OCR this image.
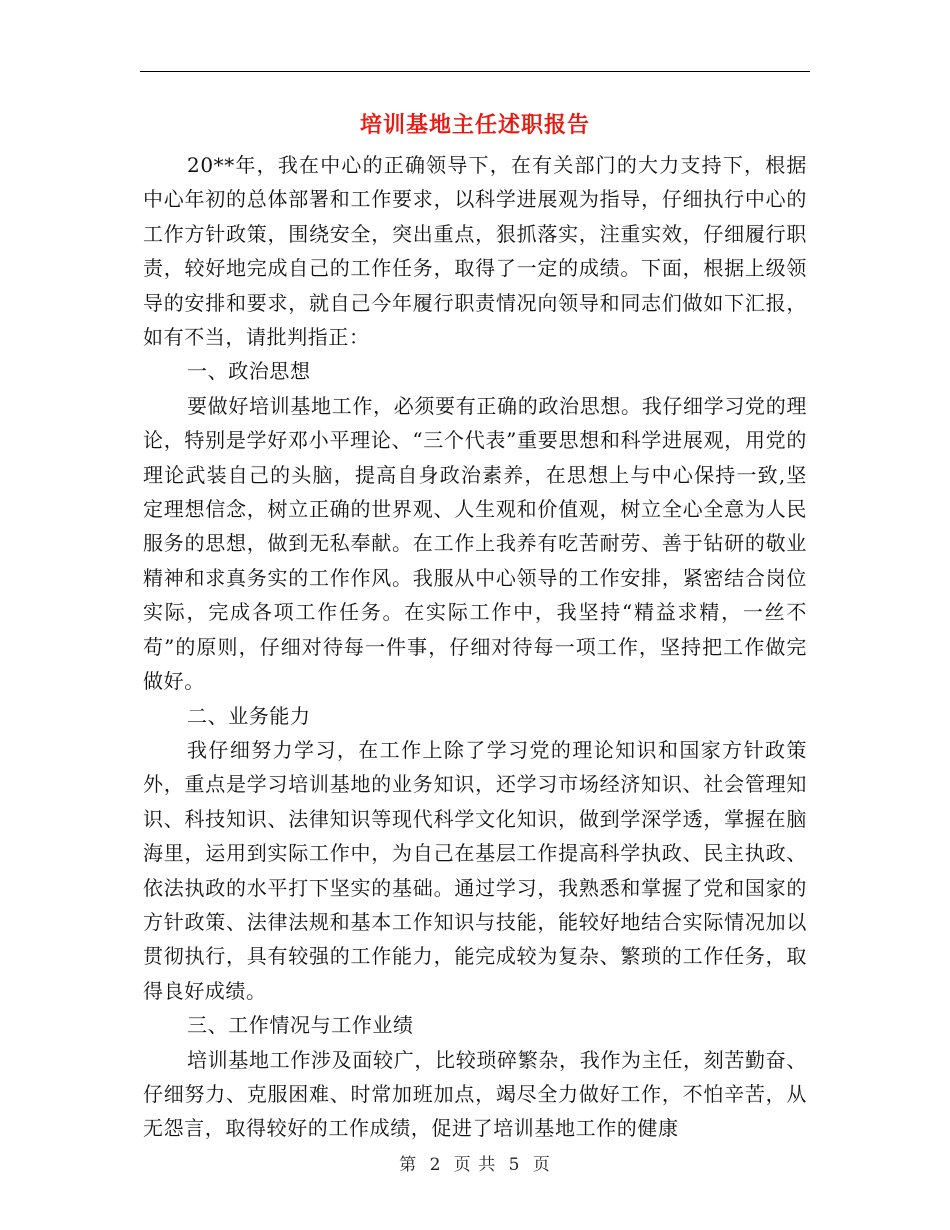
培训基地主任述职报告

20**年，我在中心的正确领导下，在有关部门的大力支持下，根据中心年初的总体部署和工作要求，以科学进展观为指导，仔细执行中心的工作方针政策，围绕安全，突出重点，狠抓落实，注重实效，仔细履行职责，较好地完成自己的工作任务，取得了一定的成绩。下面，根据上级领导的安排和要求，就自己今年履行职责情况向领导和同志们做如下汇报，如有不当，请批判指正：

一、政治思想

要做好培训基地工作，必须要有正确的政治思想。我仔细学习党的理论，特别是学好邓小平理论、“三个代表”重要思想和科学进展观，用党的理论武装自己的头脑，提高自身政治素养，在思想上与中心保持一致,坚定理想信念，树立正确的世界观、人生观和价值观，树立全心全意为人民服务的思想，做到无私奉献。在工作上我养有吃苦耐劳、善于钻研的敬业精神和求真务实的工作作风。我服从中心领导的工作安排，紧密结合岗位实际，完成各项工作任务。在实际工作中，我坚持“精益求精，一丝不苟”的原则，仔细对待每一件事，仔细对待每一项工作，坚持把工作做完做好。

二、业务能力

我仔细努力学习，在工作上除了学习党的理论知识和国家方针政策外，重点是学习培训基地的业务知识，还学习市场经济知识、社会管理知识、科技知识、法律知识等现代科学文化知识，做到学深学透，掌握在脑海里，运用到实际工作中，为自己在基层工作提高科学执政、民主执政、依法执政的水平打下坚实的基础。通过学习，我熟悉和掌握了党和国家的方针政策、法律法规和基本工作知识与技能，能较好地结合实际情况加以贯彻执行，具有较强的工作能力，能完成较为复杂、繁琐的工作任务，取得良好成绩。

三、工作情况与工作业绩

培训基地工作涉及面较广，比较琐碎繁杂，我作为主任，刻苦勤奋、仔细努力、克服困难、时常加班加点，竭尽全力做好工作，不怕辛苦，从无怨言，取得较好的工作成绩，促进了培训基地工作的健康

第 2 页 共 5 页
